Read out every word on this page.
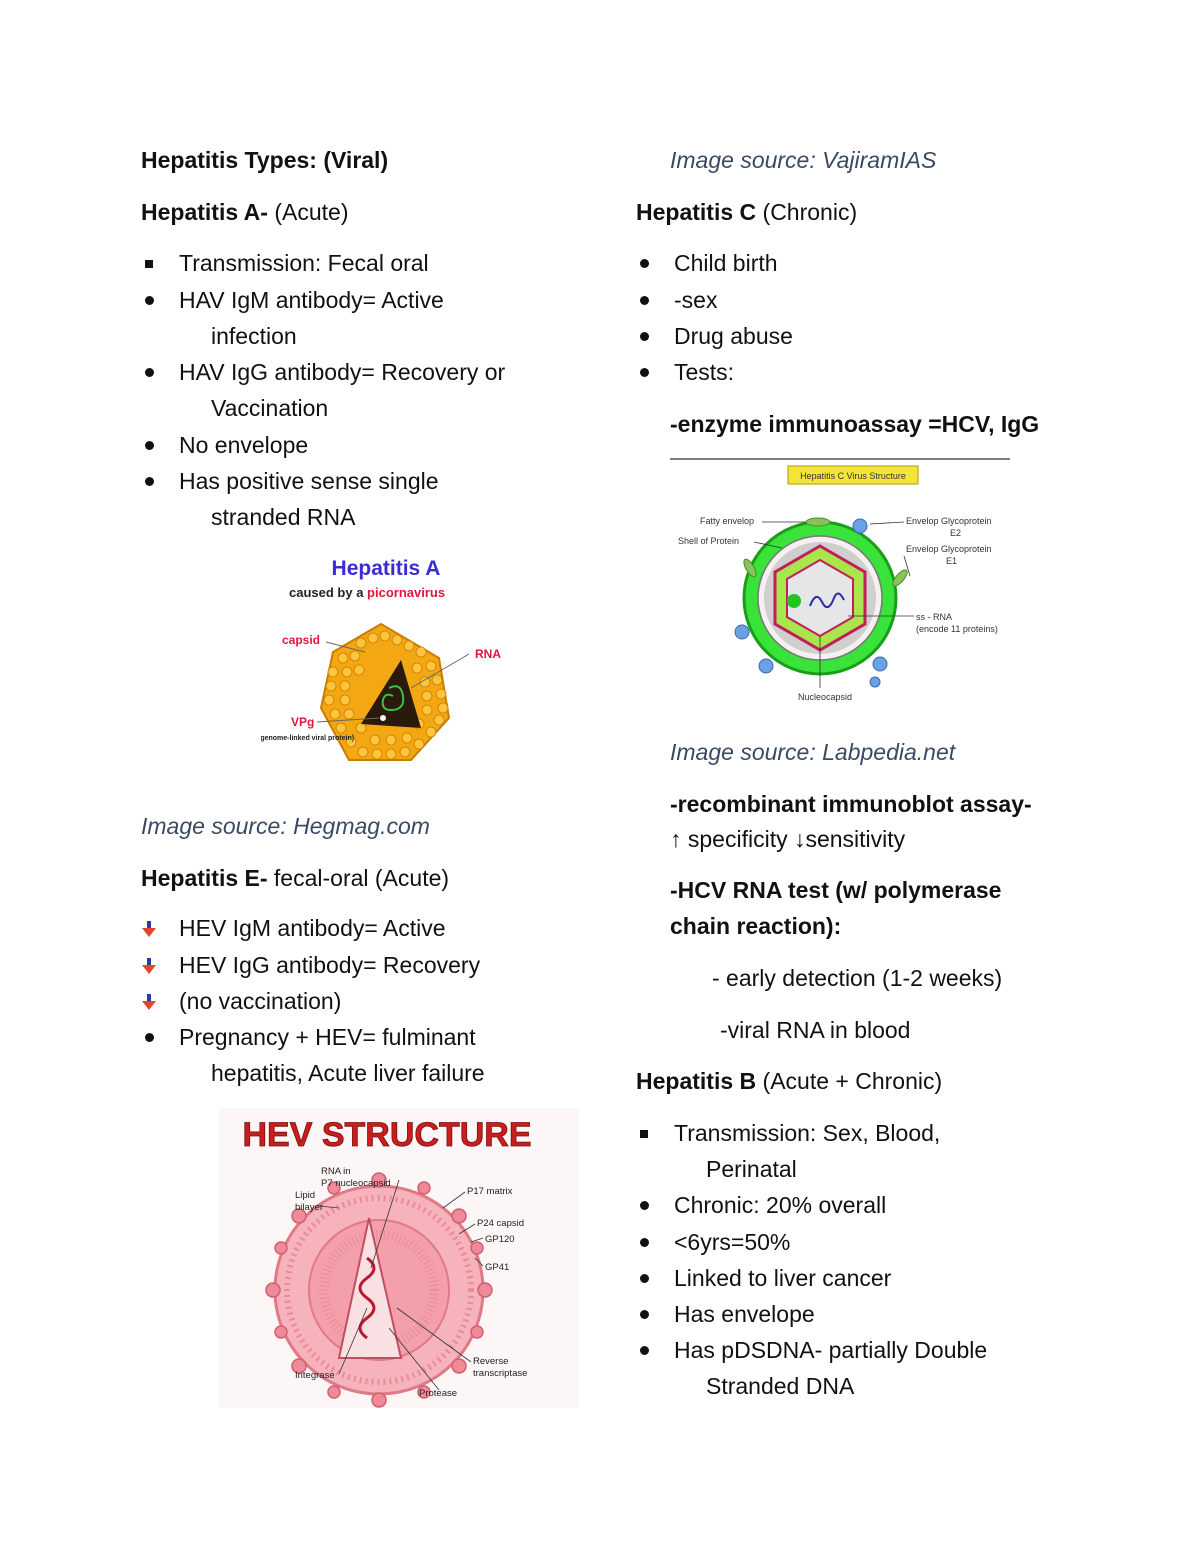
Hepatitis Types: (Viral)
Hepatitis A- (Acute)
Transmission: Fecal oral
HAV IgM antibody= Active
infection
HAV IgG antibody= Recovery or
Vaccination
No envelope
Has positive sense single
stranded RNA
Hepatitis A
caused by a picornavirus
capsid
RNA
VPg
(genome-linked viral protein)
Image source: Hegmag.com
Hepatitis E- fecal-oral (Acute)
HEV IgM antibody= Active
HEV IgG antibody= Recovery
(no vaccination)
Pregnancy + HEV= fulminant
hepatitis, Acute liver failure
HEV STRUCTURE
RNA in
P7 nucleocapsid
Lipid
bilayer
P17 matrix
P24 capsid
GP120
GP41
Integrase
Protease
Reverse
transcriptase
Image source: VajiramIAS
Hepatitis C (Chronic)
Child birth
-sex
Drug abuse
Tests:
-enzyme immunoassay =HCV, IgG
Hepatitis C Virus Structure
Fatty envelop
Shell of Protein
Envelop Glycoprotein
E2
Envelop Glycoprotein
E1
ss - RNA
(encode 11 proteins)
Nucleocapsid
Image source: Labpedia.net
-recombinant immunoblot assay-
↑ specificity ↓sensitivity
-HCV RNA test (w/ polymerase
chain reaction):
- early detection (1-2 weeks)
-viral RNA in blood
Hepatitis B (Acute + Chronic)
Transmission: Sex, Blood,
Perinatal
Chronic: 20% overall
<6yrs=50%
Linked to liver cancer
Has envelope
Has pDSDNA- partially Double
Stranded DNA
